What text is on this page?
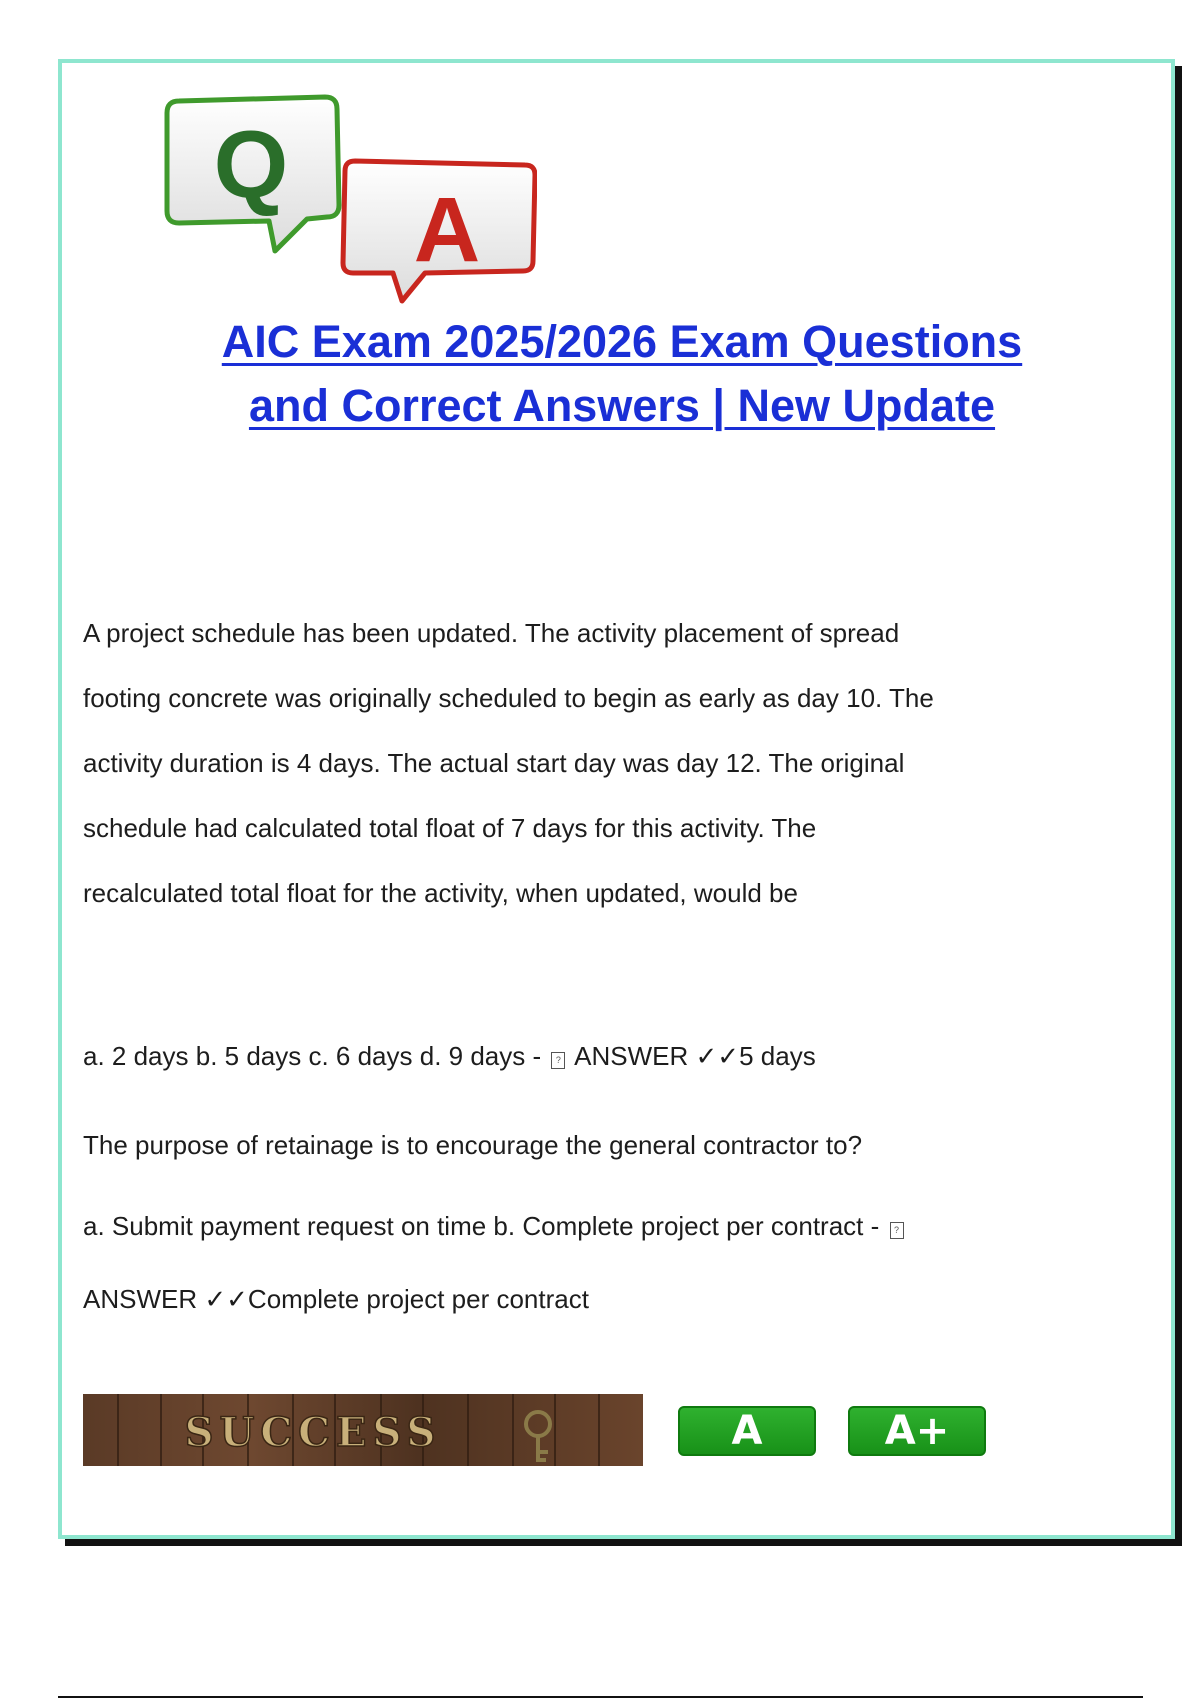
A
Q
AIC Exam 2025/2026 Exam Questions
and Correct Answers | New Update

A project schedule has been updated. The activity placement of spread

footing concrete was originally scheduled to begin as early as day 10. The

activity duration is 4 days. The actual start day was day 12. The original

schedule had calculated total float of 7 days for this activity. The

recalculated total float for the activity, when updated, would be

a. 2 days b. 5 days c. 6 days d. 9 days - ? ANSWER ✓✓5 days

The purpose of retainage is to encourage the general contractor to?

a. Submit payment request on time b. Complete project per contract - ?

ANSWER ✓✓Complete project per contract

SUCCESS	A	A+
